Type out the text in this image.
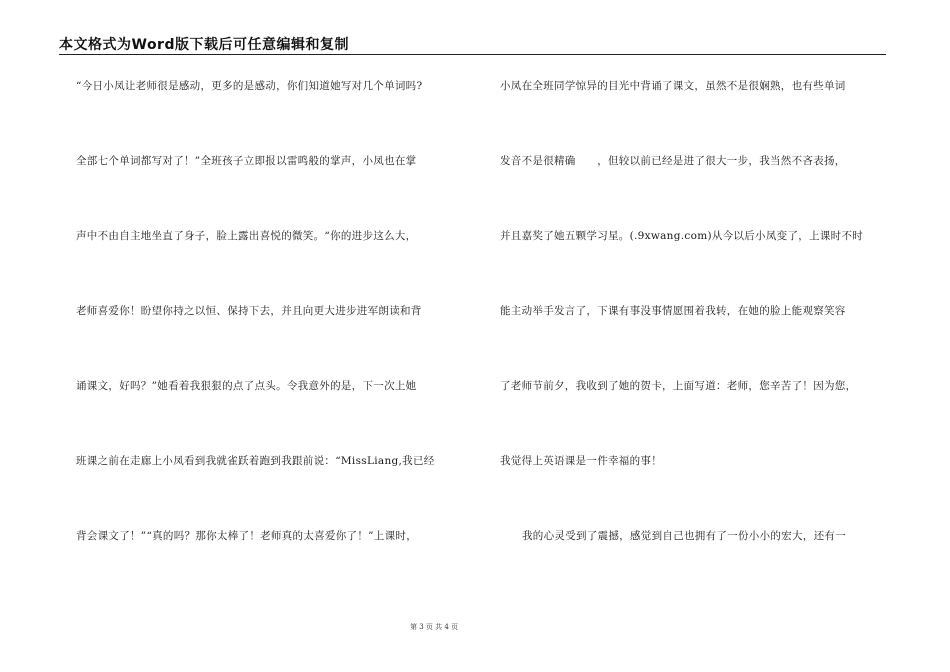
本文格式为Word版下载后可任意编辑和复制
“今日小凤让老师很是感动，更多的是感动，你们知道她写对几个单词吗?
全部七个单词都写对了！”全班孩子立即报以雷鸣般的掌声，小凤也在掌
声中不由自主地坐直了身子，脸上露出喜悦的微笑。“你的进步这么大，
老师喜爱你！盼望你持之以恒、保持下去，并且向更大进步进军朗读和背
诵课文，好吗？”她看着我狠狠的点了点头。令我意外的是，下一次上她
班课之前在走廊上小凤看到我就雀跃着跑到我跟前说：“MissLiang,我已经
背会课文了！”“真的吗？那你太棒了！老师真的太喜爱你了！”上课时，
小凤在全班同学惊异的目光中背诵了课文，虽然不是很娴熟，也有些单词
发音不是很精确　　，但较以前已经是进了很大一步，我当然不吝表扬，
并且嘉奖了她五颗学习星。(.9xwang.com)从今以后小凤变了，上课时不时
能主动举手发言了，下课有事没事情愿围着我转，在她的脸上能观察笑容
了老师节前夕，我收到了她的贺卡，上面写道：老师，您辛苦了！因为您，
我觉得上英语课是一件幸福的事！
我的心灵受到了震撼，感觉到自己也拥有了一份小小的宏大，还有一
第 3 页 共 4 页
